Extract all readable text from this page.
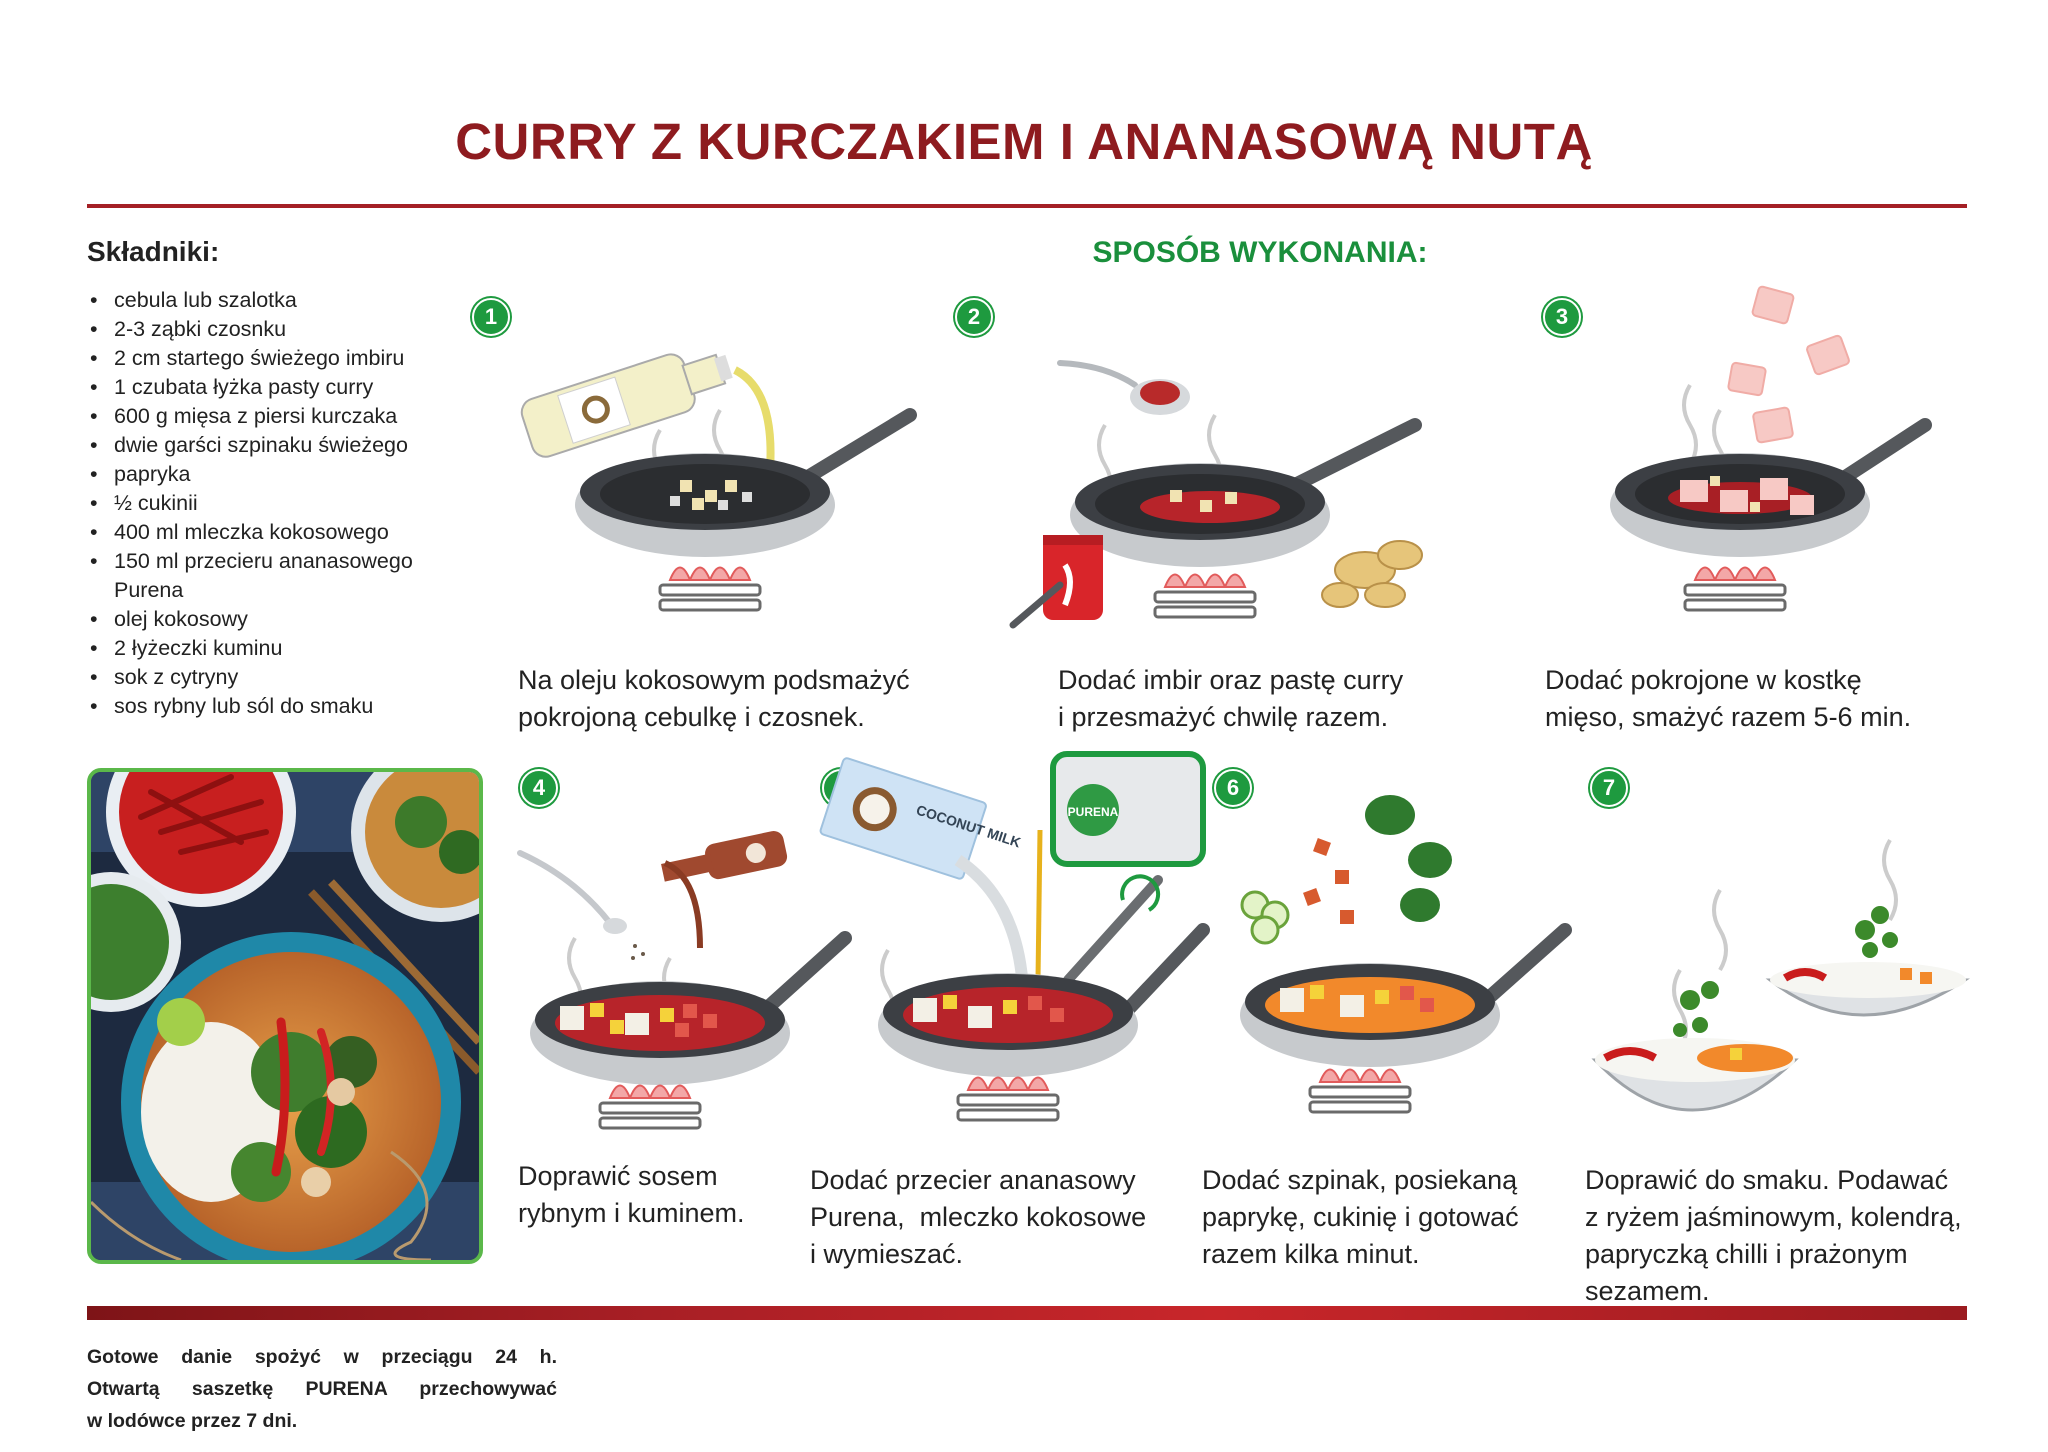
CURRY Z KURCZAKIEM I ANANASOWĄ NUTĄ
Składniki:
• cebula lub szalotka
• 2-3 ząbki czosnku
• 2 cm startego świeżego imbiru
• 1 czubata łyżka pasty curry
• 600 g mięsa z piersi kurczaka
• dwie garści szpinaku świeżego
• papryka
• ½ cukinii
• 400 ml mleczka kokosowego
• 150 ml przecieru ananasowego Purena
• olej kokosowy
• 2 łyżeczki kuminu
• sok z cytryny
• sos rybny lub sól do smaku
SPOSÓB WYKONANIA:
1
Na oleju kokosowym podsmażyć
pokrojoną cebulkę i czosnek.
2
Dodać imbir oraz pastę curry
i przesmażyć chwilę razem.
3
Dodać pokrojone w kostkę
mięso, smażyć razem 5-6 min.
4
Doprawić sosem
rybnym i kuminem.
COCONUT MILK	PURENA
Dodać przecier ananasowy
Purena,  mleczko kokosowe
i wymieszać.
6
Dodać szpinak, posiekaną
paprykę, cukinię i gotować
razem kilka minut.
7
Doprawić do smaku. Podawać
z ryżem jaśminowym, kolendrą,
papryczką chilli i prażonym
sezamem.
Gotowe danie spożyć w przeciągu 24 h.
Otwartą saszetkę PURENA przechowywać
w lodówce przez 7 dni.
